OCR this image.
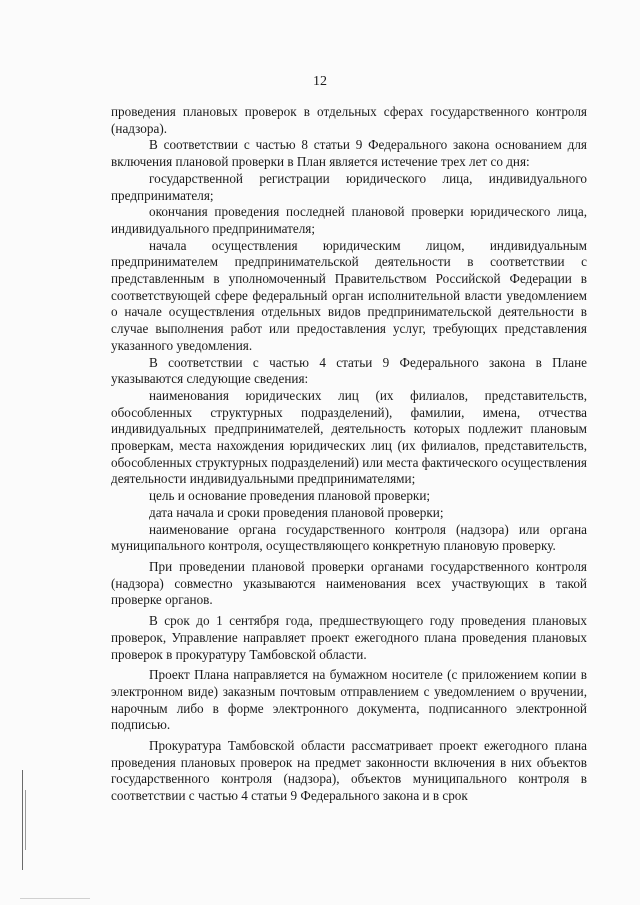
12

проведения плановых проверок в отдельных сферах государственного контроля (надзора).

В соответствии с частью 8 статьи 9 Федерального закона основанием для включения плановой проверки в План является истечение трех лет со дня:

государственной регистрации юридического лица, индивидуального предпринимателя;

окончания проведения последней плановой проверки юридического лица, индивидуального предпринимателя;

начала осуществления юридическим лицом, индивидуальным предпринимателем предпринимательской деятельности в соответствии с представленным в уполномоченный Правительством Российской Федерации в соответствующей сфере федеральный орган исполнительной власти уведомлением о начале осуществления отдельных видов предпринимательской деятельности в случае выполнения работ или предоставления услуг, требующих представления указанного уведомления.

В соответствии с частью 4 статьи 9 Федерального закона в Плане указываются следующие сведения:

наименования юридических лиц (их филиалов, представительств, обособленных структурных подразделений), фамилии, имена, отчества индивидуальных предпринимателей, деятельность которых подлежит плановым проверкам, места нахождения юридических лиц (их филиалов, представительств, обособленных структурных подразделений) или места фактического осуществления деятельности индивидуальными предпринимателями;

цель и основание проведения плановой проверки;

дата начала и сроки проведения плановой проверки;

наименование органа государственного контроля (надзора) или органа муниципального контроля, осуществляющего конкретную плановую проверку.

При проведении плановой проверки органами государственного контроля (надзора) совместно указываются наименования всех участвующих в такой проверке органов.

В срок до 1 сентября года, предшествующего году проведения плановых проверок, Управление направляет проект ежегодного плана проведения плановых проверок в прокуратуру Тамбовской области.

Проект Плана направляется на бумажном носителе (с приложением копии в электронном виде) заказным почтовым отправлением с уведомлением о вручении, нарочным либо в форме электронного документа, подписанного электронной подписью.

Прокуратура Тамбовской области рассматривает проект ежегодного плана проведения плановых проверок на предмет законности включения в них объектов государственного контроля (надзора), объектов муниципального контроля в соответствии с частью 4 статьи 9 Федерального закона и в срок
